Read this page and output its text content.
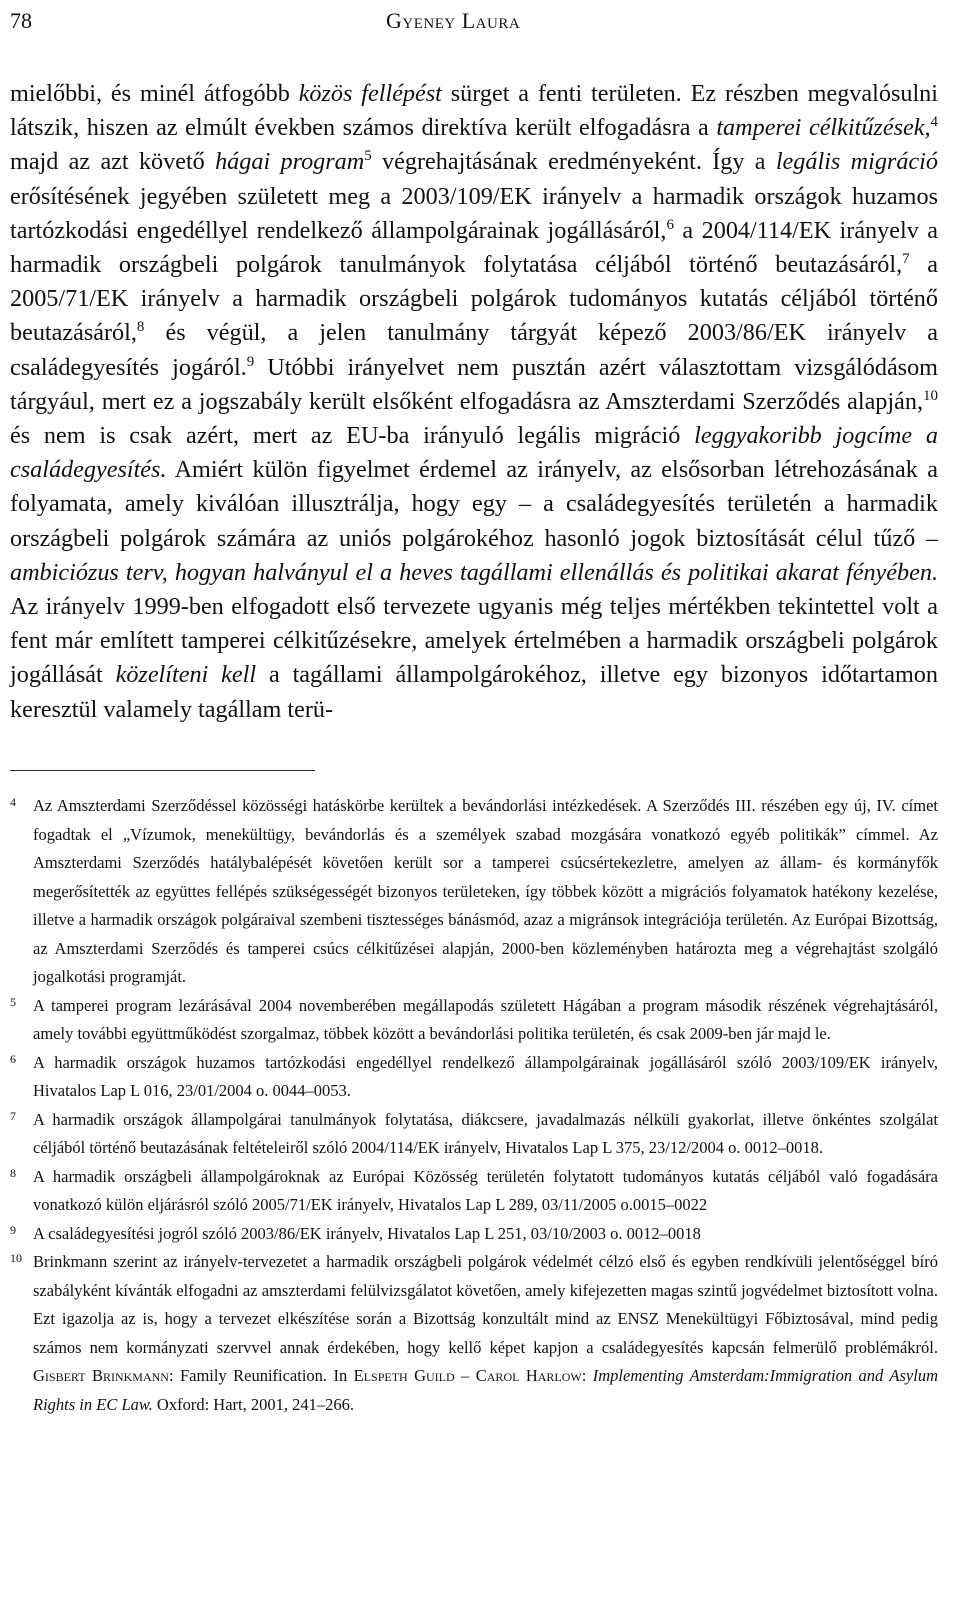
78	Gyeney Laura

mielőbbi, és minél átfogóbb közös fellépést sürget a fenti területen. Ez részben megvalósulni látszik, hiszen az elmúlt években számos direktíva került elfogadásra a tamperei célkitűzések,$^4$ majd az azt követő hágai program$^5$ végrehajtásának eredményeként. Így a legális migráció erősítésének jegyében született meg a 2003/109/EK irányelv a harmadik országok huzamos tartózkodási engedéllyel rendelkező állampolgárainak jogállásáról,$^6$ a 2004/114/EK irányelv a harmadik országbeli polgárok tanulmányok folytatása céljából történő beutazásáról,$^7$ a 2005/71/EK irányelv a harmadik országbeli polgárok tudományos kutatás céljából történő beutazásáról,$^8$ és végül, a jelen tanulmány tárgyát képező 2003/86/EK irányelv a családegyesítés jogáról.$^9$ Utóbbi irányelvet nem pusztán azért választottam vizsgálódásom tárgyául, mert ez a jogszabály került elsőként elfogadásra az Amszterdami Szerződés alapján,$^{10}$ és nem is csak azért, mert az EU-ba irányuló legális migráció leggyakoribb jogcíme a családegyesítés. Amiért külön figyelmet érdemel az irányelv, az elsősorban létrehozásának a folyamata, amely kiválóan illusztrálja, hogy egy – a családegyesítés területén a harmadik országbeli polgárok számára az uniós polgárokéhoz hasonló jogok biztosítását célul tűző – ambiciózus terv, hogyan halványul el a heves tagállami ellenállás és politikai akarat fényében. Az irányelv 1999-ben elfogadott első tervezete ugyanis még teljes mértékben tekintettel volt a fent már említett tamperei célkitűzésekre, amelyek értelmében a harmadik országbeli polgárok jogállását közelíteni kell a tagállami állampolgárokéhoz, illetve egy bizonyos időtartamon keresztül valamely tagállam terü-

4 Az Amszterdami Szerződéssel közösségi hatáskörbe kerültek a bevándorlási intézkedések. A Szerződés III. részében egy új, IV. címet fogadtak el „Vízumok, menekültügy, bevándorlás és a személyek szabad mozgására vonatkozó egyéb politikák” címmel. Az Amszterdami Szerződés hatálybalépését követően került sor a tamperei csúcsértekezletre, amelyen az állam- és kormányfők megerősítették az együttes fellépés szükségességét bizonyos területeken, így többek között a migrációs folyamatok hatékony kezelése, illetve a harmadik országok polgáraival szembeni tisztességes bánásmód, azaz a migránsok integrációja területén. Az Európai Bizottság, az Amszterdami Szerződés és tamperei csúcs célkitűzései alapján, 2000-ben közleményben határozta meg a végrehajtást szolgáló jogalkotási programját.
5 A tamperei program lezárásával 2004 novemberében megállapodás született Hágában a program második részének végrehajtásáról, amely további együttműködést szorgalmaz, többek között a bevándorlási politika területén, és csak 2009-ben jár majd le.
6 A harmadik országok huzamos tartózkodási engedéllyel rendelkező állampolgárainak jogállásáról szóló 2003/109/EK irányelv, Hivatalos Lap L 016, 23/01/2004 o. 0044–0053.
7 A harmadik országok állampolgárai tanulmányok folytatása, diákcsere, javadalmazás nélküli gyakorlat, illetve önkéntes szolgálat céljából történő beutazásának feltételeiről szóló 2004/114/EK irányelv, Hivatalos Lap L 375, 23/12/2004 o. 0012–0018.
8 A harmadik országbeli állampolgároknak az Európai Közösség területén folytatott tudományos kutatás céljából való fogadására vonatkozó külön eljárásról szóló 2005/71/EK irányelv, Hivatalos Lap L 289, 03/11/2005 o.0015–0022
9 A családegyesítési jogról szóló 2003/86/EK irányelv, Hivatalos Lap L 251, 03/10/2003 o. 0012–0018
10 Brinkmann szerint az irányelv-tervezetet a harmadik országbeli polgárok védelmét célzó első és egyben rendkívüli jelentőséggel bíró szabályként kívánták elfogadni az amszterdami felülvizsgálatot követően, amely kifejezetten magas szintű jogvédelmet biztosított volna. Ezt igazolja az is, hogy a tervezet elkészítése során a Bizottság konzultált mind az ENSZ Menekültügyi Főbiztosával, mind pedig számos nem kormányzati szervvel annak érdekében, hogy kellő képet kapjon a családegyesítés kapcsán felmerülő problémákról. Gisbert Brinkmann: Family Reunification. In Elspeth Guild – Carol Harlow: Implementing Amsterdam:Immigration and Asylum Rights in EC Law. Oxford: Hart, 2001, 241–266.
